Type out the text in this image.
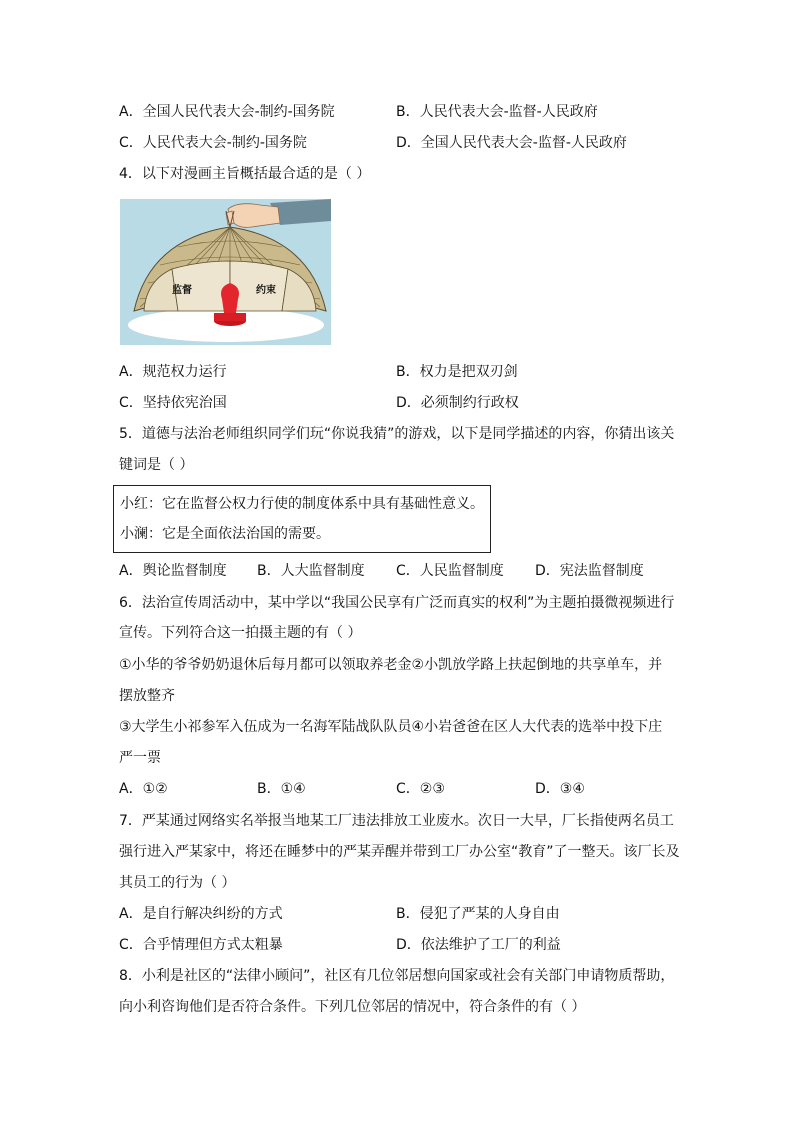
A．全国人民代表大会-制约-国务院	B．人民代表大会-监督-人民政府
C．人民代表大会-制约-国务院	D．全国人民代表大会-监督-人民政府
4．以下对漫画主旨概括最合适的是（ ）
监督	约束
A．规范权力运行	B．权力是把双刃剑
C．坚持依宪治国	D．必须制约行政权
5．道德与法治老师组织同学们玩“你说我猜”的游戏，以下是同学描述的内容，你猜出该关
键词是（ ）
小红：它在监督公权力行使的制度体系中具有基础性意义。
小澜：它是全面依法治国的需要。
A．舆论监督制度 B．人大监督制度 C．人民监督制度 D．宪法监督制度
6．法治宣传周活动中，某中学以“我国公民享有广泛而真实的权利”为主题拍摄微视频进行
宣传。下列符合这一拍摄主题的有（ ）
①小华的爷爷奶奶退休后每月都可以领取养老金②小凯放学路上扶起倒地的共享单车，并
摆放整齐
③大学生小祁参军入伍成为一名海军陆战队队员④小岩爸爸在区人大代表的选举中投下庄
严一票
A．①②	B．①④	C．②③	D．③④
7．严某通过网络实名举报当地某工厂违法排放工业废水。次日一大早，厂长指使两名员工
强行进入严某家中，将还在睡梦中的严某弄醒并带到工厂办公室“教育”了一整天。该厂长及
其员工的行为（ ）
A．是自行解决纠纷的方式	B．侵犯了严某的人身自由
C．合乎情理但方式太粗暴	D．依法维护了工厂的利益
8．小利是社区的“法律小顾问”，社区有几位邻居想向国家或社会有关部门申请物质帮助，
向小利咨询他们是否符合条件。下列几位邻居的情况中，符合条件的有（ ）
